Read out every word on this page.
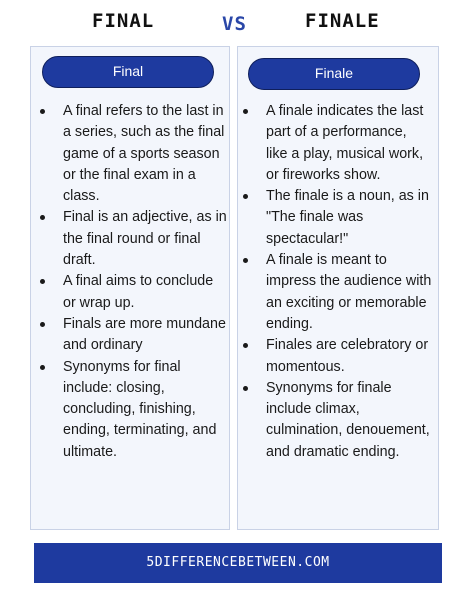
FINAL	VS	FINALE
Final
A final refers to the last in a series, such as the final game of a sports season or the final exam in a class.
Final is an adjective, as in the final round or final draft.
A final aims to conclude or wrap up.
Finals are more mundane and ordinary
Synonyms for final include: closing, concluding, finishing, ending, terminating, and ultimate.
Finale
A finale indicates the last part of a performance, like a play, musical work, or fireworks show.
The finale is a noun, as in "The finale was spectacular!"
A finale is meant to impress the audience with an exciting or memorable ending.
Finales are celebratory or momentous.
Synonyms for finale include climax, culmination, denouement, and dramatic ending.
5DIFFERENCEBETWEEN.COM
